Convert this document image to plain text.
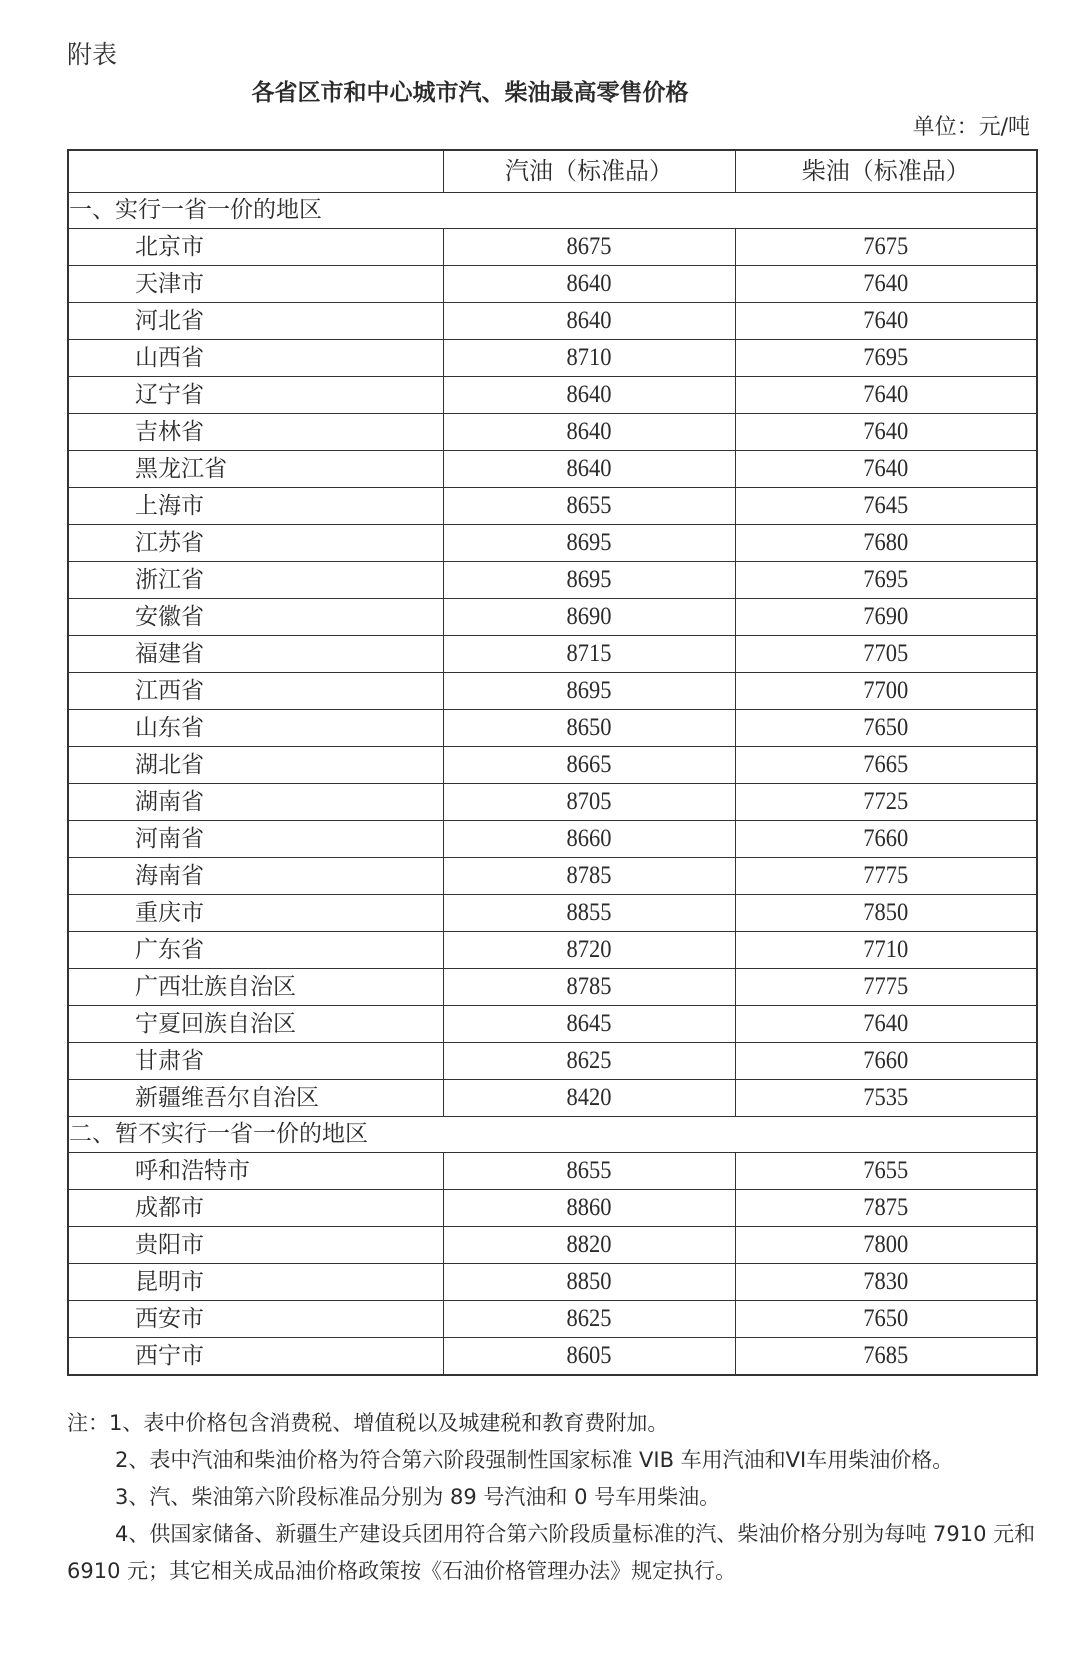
附表
各省区市和中心城市汽、柴油最高零售价格
单位：元/吨
	汽油（标准品）	柴油（标准品）
一、实行一省一价的地区		
北京市	8675	7675
天津市	8640	7640
河北省	8640	7640
山西省	8710	7695
辽宁省	8640	7640
吉林省	8640	7640
黑龙江省	8640	7640
上海市	8655	7645
江苏省	8695	7680
浙江省	8695	7695
安徽省	8690	7690
福建省	8715	7705
江西省	8695	7700
山东省	8650	7650
湖北省	8665	7665
湖南省	8705	7725
河南省	8660	7660
海南省	8785	7775
重庆市	8855	7850
广东省	8720	7710
广西壮族自治区	8785	7775
宁夏回族自治区	8645	7640
甘肃省	8625	7660
新疆维吾尔自治区	8420	7535
二、暂不实行一省一价的地区		
呼和浩特市	8655	7655
成都市	8860	7875
贵阳市	8820	7800
昆明市	8850	7830
西安市	8625	7650
西宁市	8605	7685

注：1、表中价格包含消费税、增值税以及城建税和教育费附加。

2、表中汽油和柴油价格为符合第六阶段强制性国家标准 VIB 车用汽油和VI车用柴油价格。

3、汽、柴油第六阶段标准品分别为 89 号汽油和 0 号车用柴油。

4、供国家储备、新疆生产建设兵团用符合第六阶段质量标准的汽、柴油价格分别为每吨 7910 元和 6910 元；其它相关成品油价格政策按《石油价格管理办法》规定执行。
